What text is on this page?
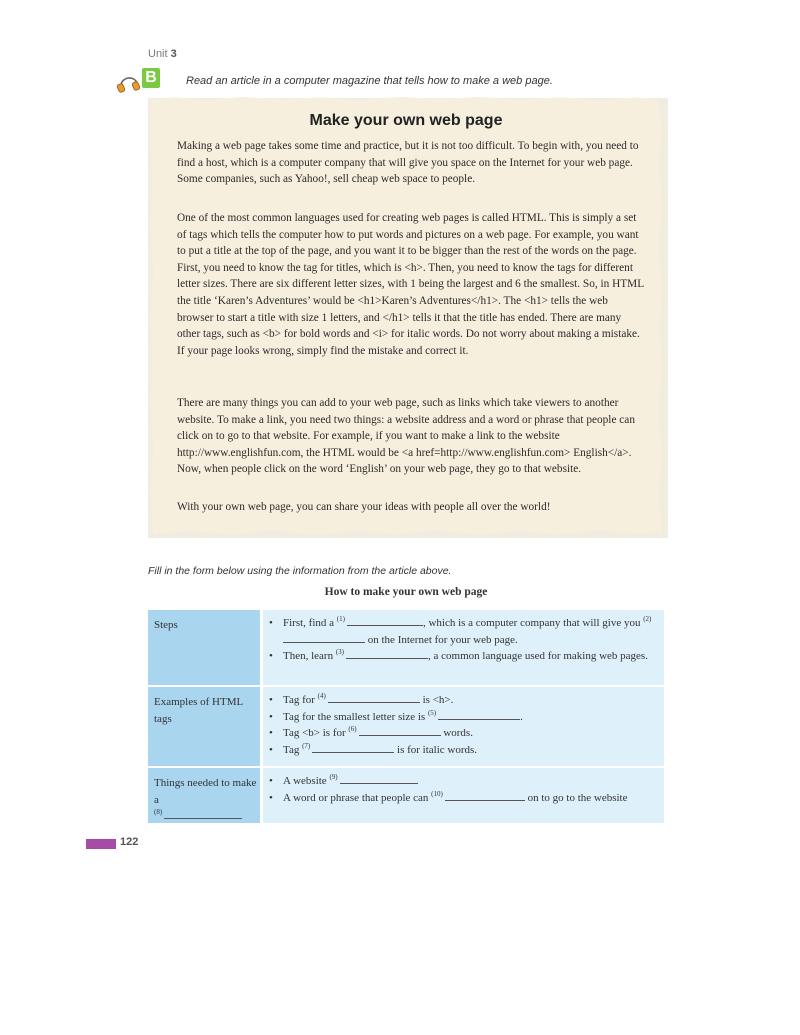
Unit 3
B	Read an article in a computer magazine that tells how to make a web page.
Make your own web page

Making a web page takes some time and practice, but it is not too difficult. To begin with, you need to find a host, which is a computer company that will give you space on the Internet for your web page. Some companies, such as Yahoo!, sell cheap web space to people.

One of the most common languages used for creating web pages is called HTML. This is simply a set of tags which tells the computer how to put words and pictures on a web page. For example, you want to put a title at the top of the page, and you want it to be bigger than the rest of the words on the page. First, you need to know the tag for titles, which is <h>. Then, you need to know the tags for different letter sizes. There are six different letter sizes, with 1 being the largest and 6 the smallest. So, in HTML the title ‘Karen’s Adventures’ would be <h1>Karen’s Adventures</h1>. The <h1> tells the web browser to start a title with size 1 letters, and </h1> tells it that the title has ended. There are many other tags, such as <b> for bold words and <i> for italic words. Do not worry about making a mistake. If your page looks wrong, simply find the mistake and correct it.

There are many things you can add to your web page, such as links which take viewers to another website. To make a link, you need two things: a website address and a word or phrase that people can click on to go to that website. For example, if you want to make a link to the website http://www.englishfun.com, the HTML would be <a href=http://www.englishfun.com> English</a>. Now, when people click on the word ‘English’ on your web page, they go to that website.

With your own web page, you can share your ideas with people all over the world!

Fill in the form below using the information from the article above.
How to make your own web page
Steps
•	First, find a $^{(1)}$	, which is a computer company that will give you $^{(2)}$ on the Internet for your web page.
• Then, learn $^{(3)}$	, a common language used for making web pages.
Examples of HTML tags
• Tag for $^{(4)}$	is <h>.
• Tag for the smallest letter size is $^{(5)}$	.
• Tag <b> is for $^{(6)}$	words.
• Tag $^{(7)}$	is for italic words.
Things needed to make a
$^{(8)}$
• A website $^{(9)}$
• A word or phrase that people can $^{(10)}$	on to go to the website
122
